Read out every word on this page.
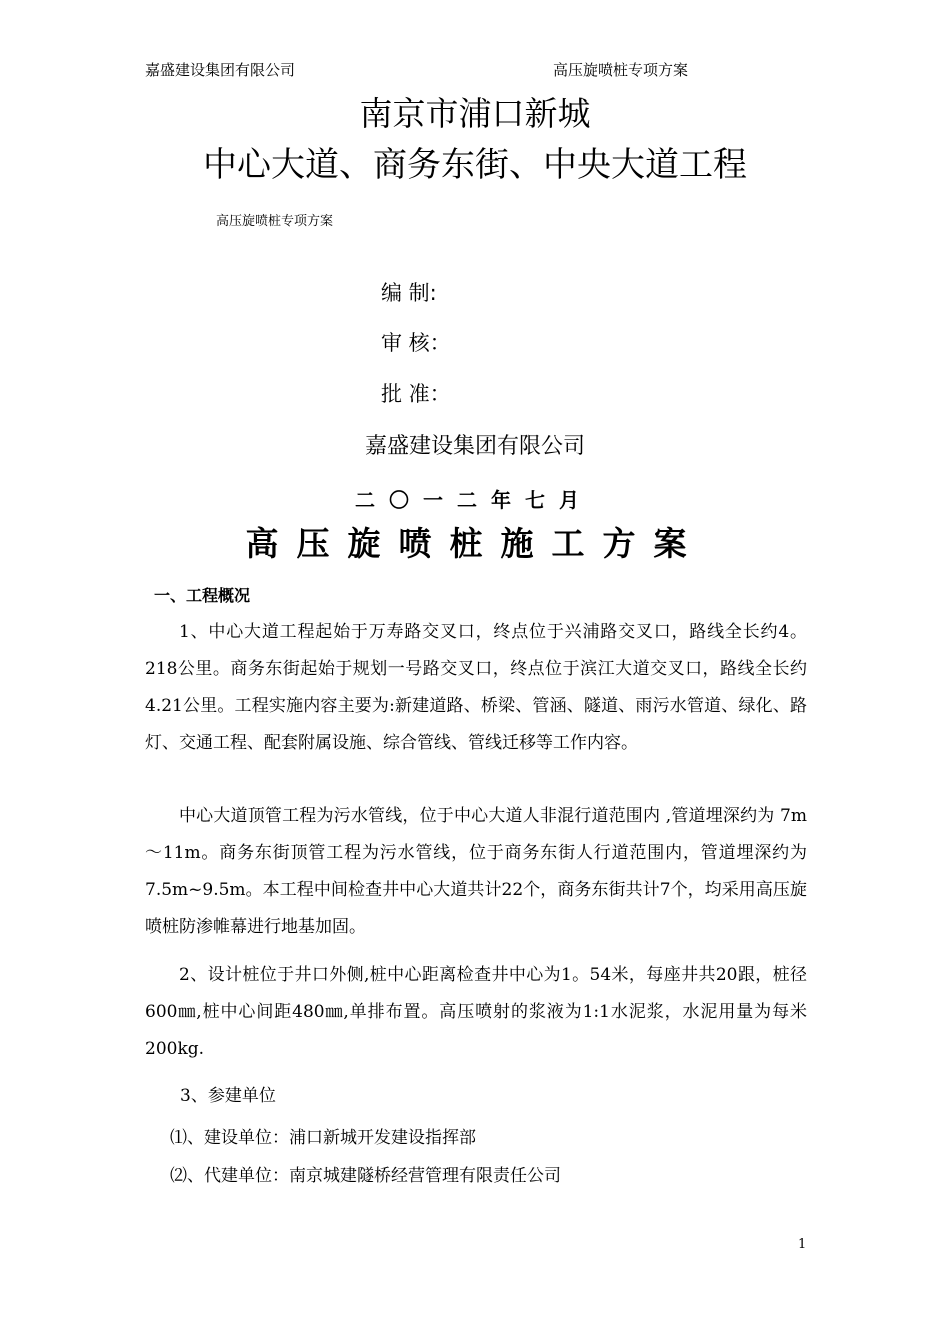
嘉盛建设集团有限公司	高压旋喷桩专项方案
南京市浦口新城
中心大道、商务东街、中央大道工程
高压旋喷桩专项方案
编 制:
审 核：
批 准：
嘉盛建设集团有限公司
二〇一二年七月
高压旋喷桩施工方案
一、工程概况
1、中心大道工程起始于万寿路交叉口，终点位于兴浦路交叉口，路线全长约4。218公里。商务东街起始于规划一号路交叉口，终点位于滨江大道交叉口，路线全长约4.21公里。工程实施内容主要为:新建道路、桥梁、管涵、隧道、雨污水管道、绿化、路灯、交通工程、配套附属设施、综合管线、管线迁移等工作内容。
中心大道顶管工程为污水管线，位于中心大道人非混行道范围内 ,管道埋深约为 7m～11m。商务东街顶管工程为污水管线，位于商务东街人行道范围内，管道埋深约为7.5m~9.5m。本工程中间检查井中心大道共计22个，商务东街共计7个，均采用高压旋喷桩防渗帷幕进行地基加固。
2、设计桩位于井口外侧,桩中心距离检查井中心为1。54米，每座井共20跟，桩径600㎜,桩中心间距480㎜,单排布置。高压喷射的浆液为1:1水泥浆，水泥用量为每米200kg.
3、参建单位
⑴、建设单位：浦口新城开发建设指挥部
⑵、代建单位：南京城建隧桥经营管理有限责任公司
1
